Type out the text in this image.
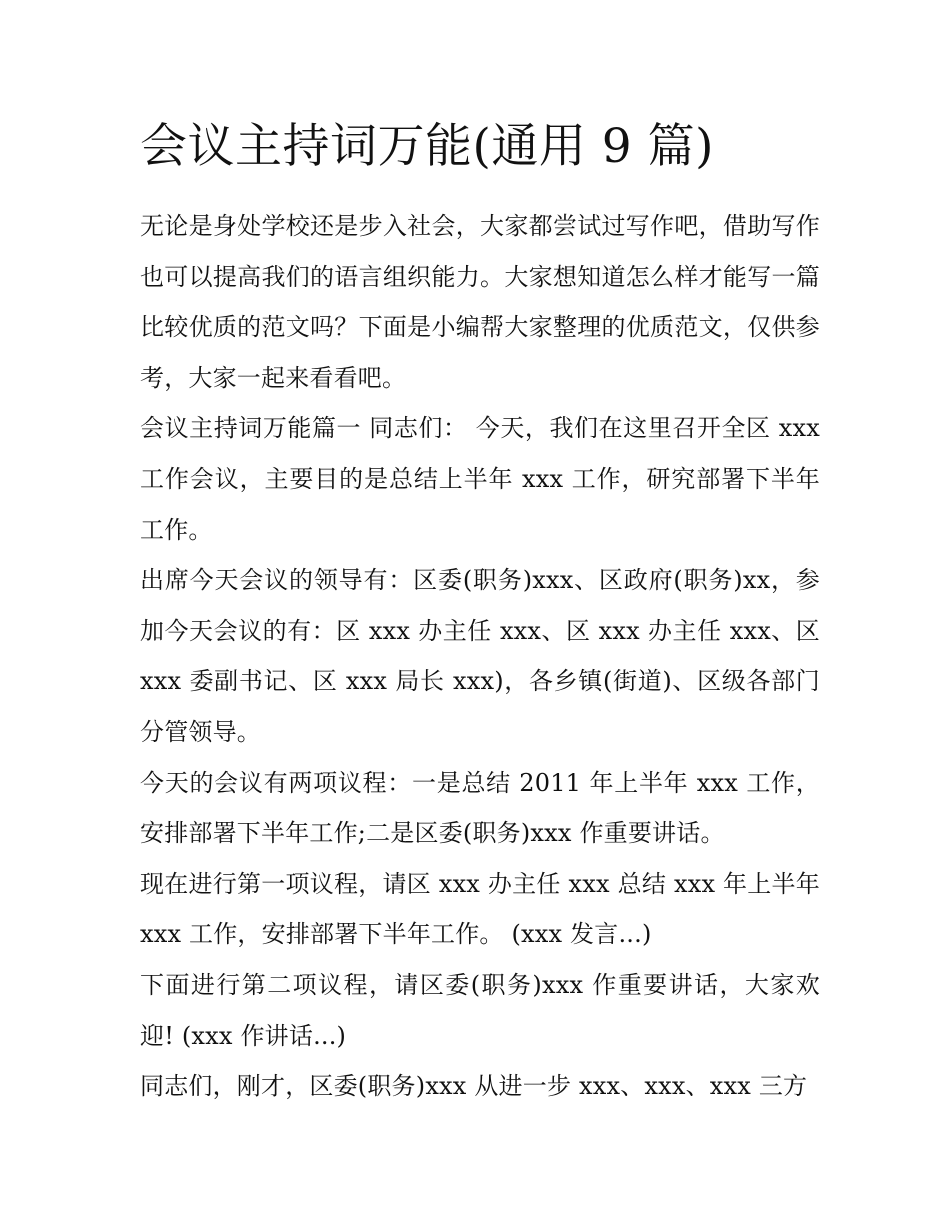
会议主持词万能(通用 9 篇)

无论是身处学校还是步入社会，大家都尝试过写作吧，借助写作也可以提高我们的语言组织能力。大家想知道怎么样才能写一篇比较优质的范文吗？下面是小编帮大家整理的优质范文，仅供参考，大家一起来看看吧。

会议主持词万能篇一 同志们： 今天，我们在这里召开全区 xxx 工作会议，主要目的是总结上半年 xxx 工作，研究部署下半年工作。

出席今天会议的领导有：区委(职务)xxx、区政府(职务)xx，参加今天会议的有：区 xxx 办主任 xxx、区 xxx 办主任 xxx、区 xxx 委副书记、区 xxx 局长 xxx)，各乡镇(街道)、区级各部门分管领导。

今天的会议有两项议程：一是总结 2011 年上半年 xxx 工作，安排部署下半年工作;二是区委(职务)xxx 作重要讲话。

现在进行第一项议程，请区 xxx 办主任 xxx 总结 xxx 年上半年 xxx 工作，安排部署下半年工作。 (xxx 发言...)

下面进行第二项议程，请区委(职务)xxx 作重要讲话，大家欢迎! (xxx 作讲话...)

同志们，刚才，区委(职务)xxx 从进一步 xxx、xxx、xxx 三方
